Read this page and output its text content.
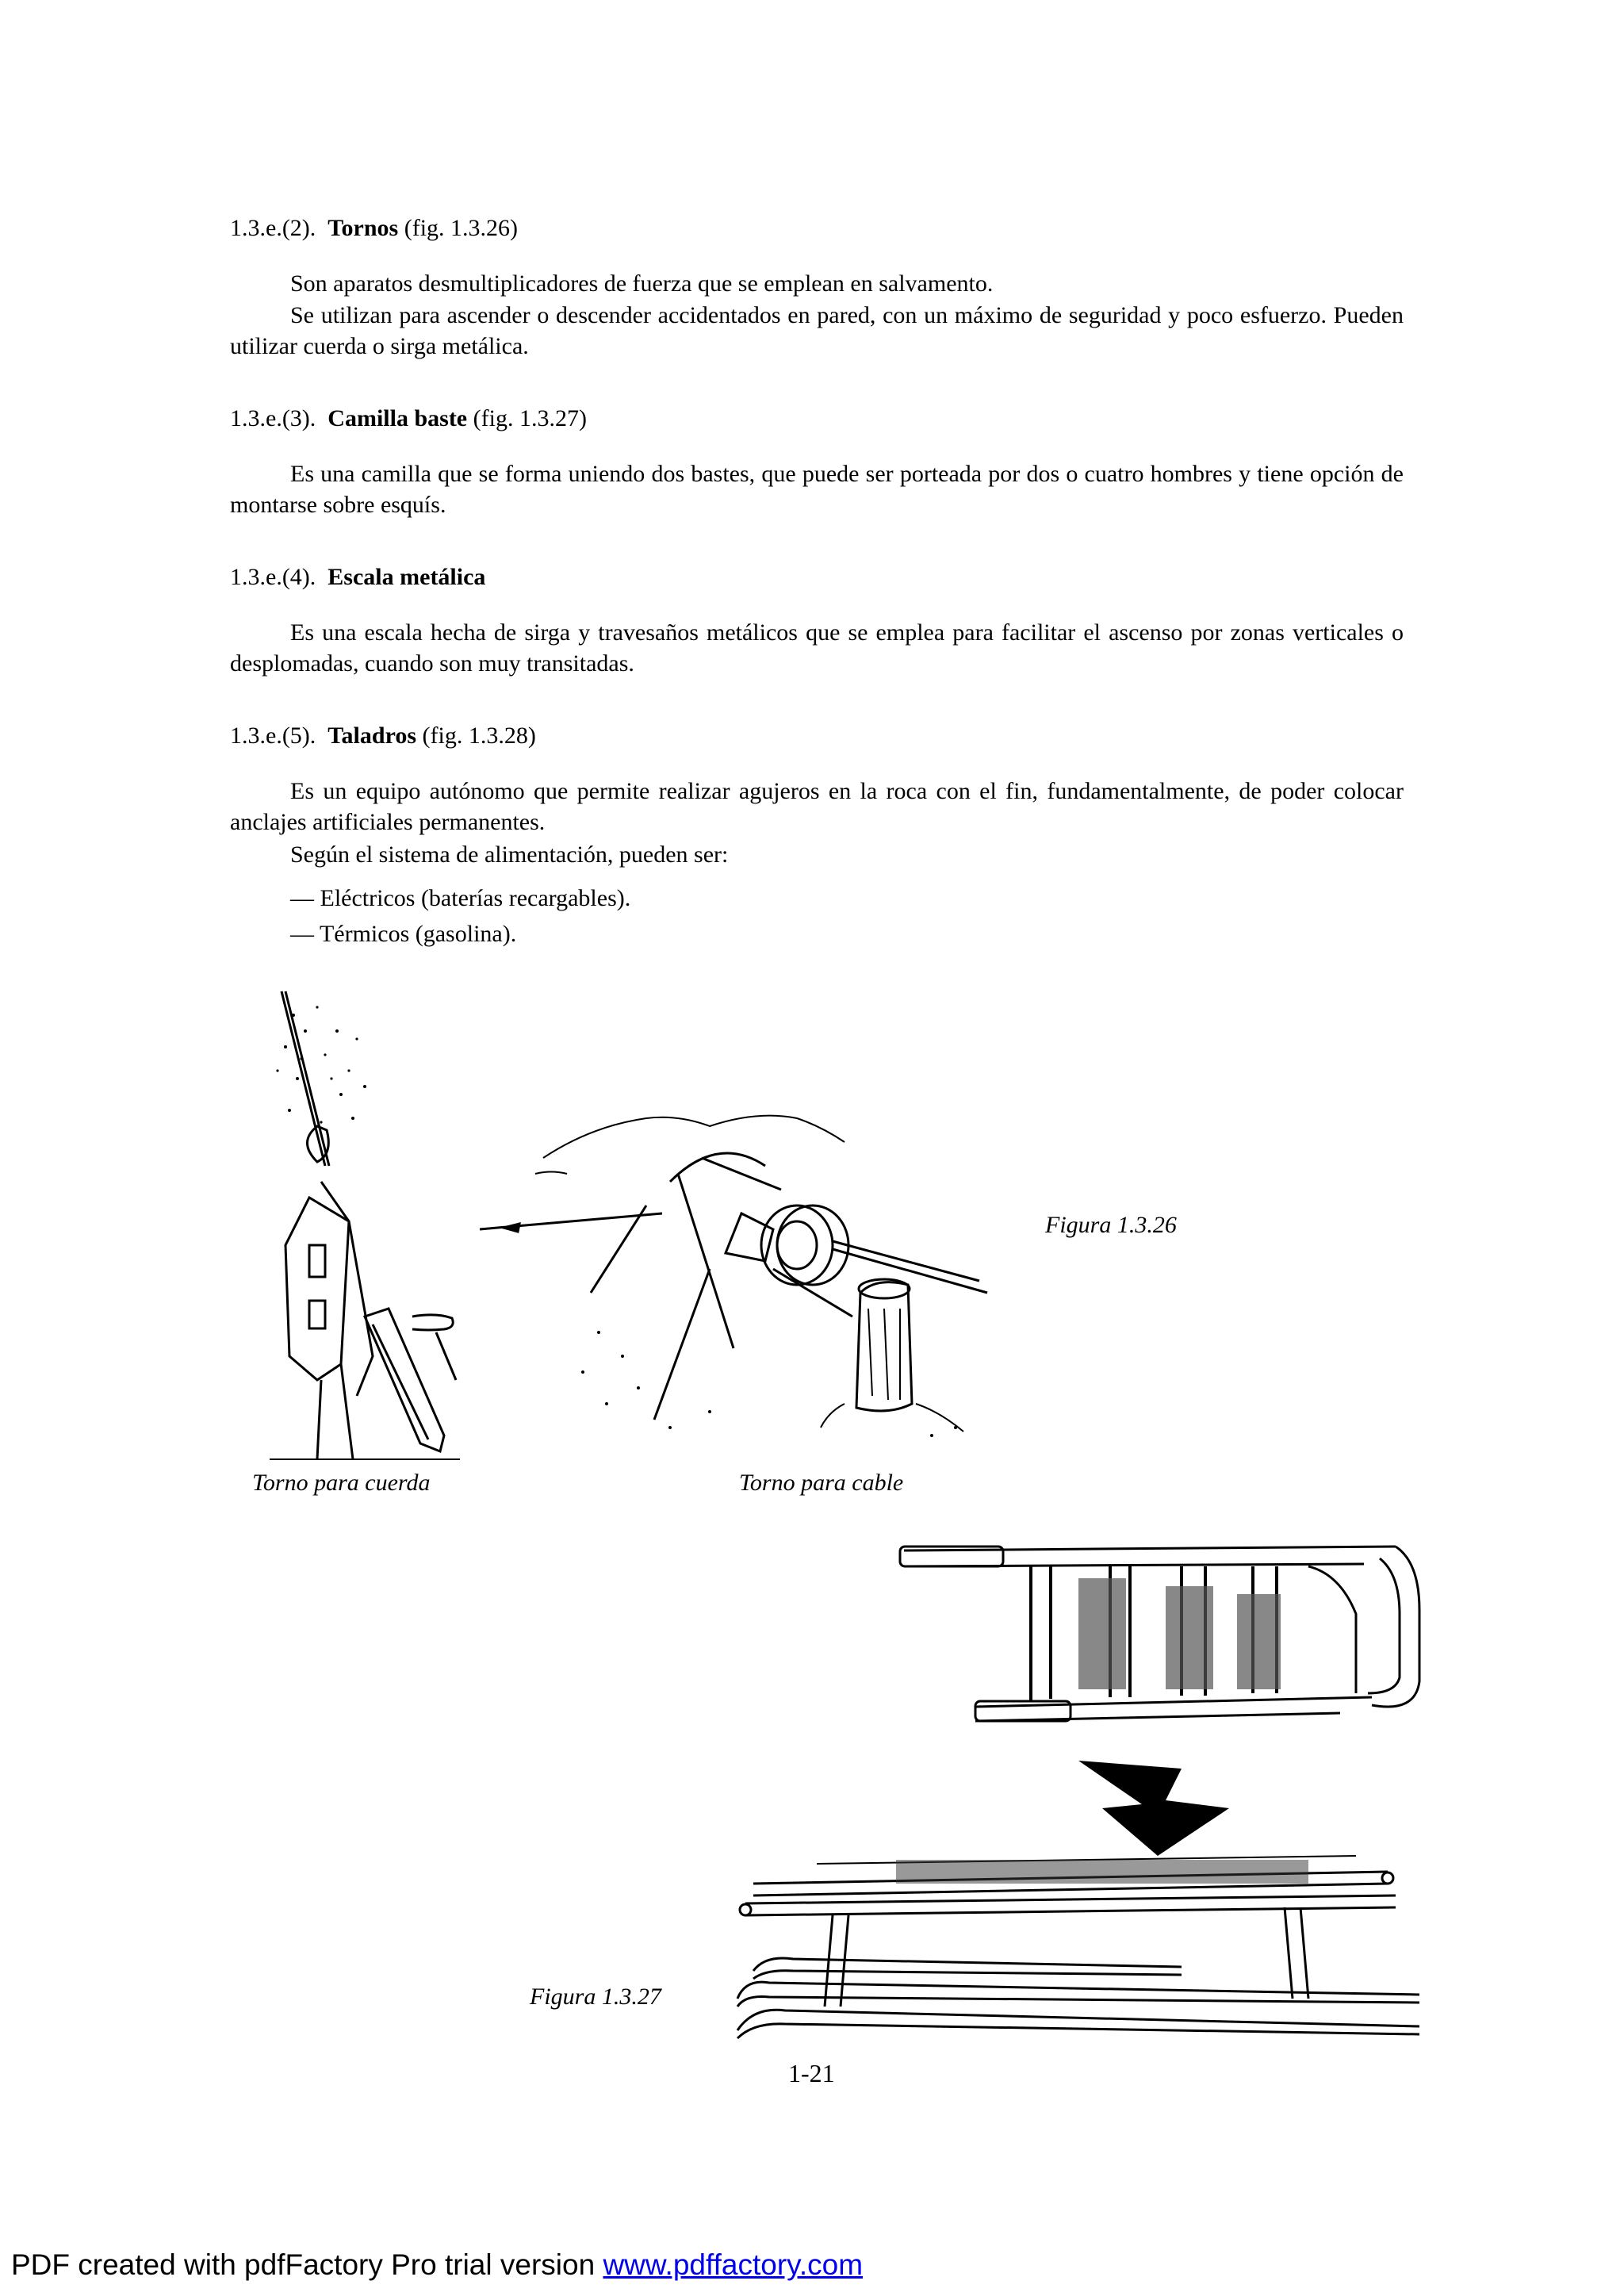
1.3.e.(2). Tornos (fig. 1.3.26)
Son aparatos desmultiplicadores de fuerza que se emplean en salvamento.
Se utilizan para ascender o descender accidentados en pared, con un máximo de seguridad y poco esfuerzo. Pueden utilizar cuerda o sirga metálica.
1.3.e.(3). Camilla baste (fig. 1.3.27)
Es una camilla que se forma uniendo dos bastes, que puede ser porteada por dos o cuatro hombres y tiene opción de montarse sobre esquís.
1.3.e.(4). Escala metálica
Es una escala hecha de sirga y travesaños metálicos que se emplea para facilitar el ascenso por zonas verticales o desplomadas, cuando son muy transitadas.
1.3.e.(5). Taladros (fig. 1.3.28)
Es un equipo autónomo que permite realizar agujeros en la roca con el fin, fundamentalmente, de poder colocar anclajes artificiales permanentes.
Según el sistema de alimentación, pueden ser:
— Eléctricos (baterías recargables).
— Térmicos (gasolina).
Figura 1.3.26
Torno para cuerda	Torno para cable
Figura 1.3.27
1-21
PDF created with pdfFactory Pro trial version www.pdffactory.com
